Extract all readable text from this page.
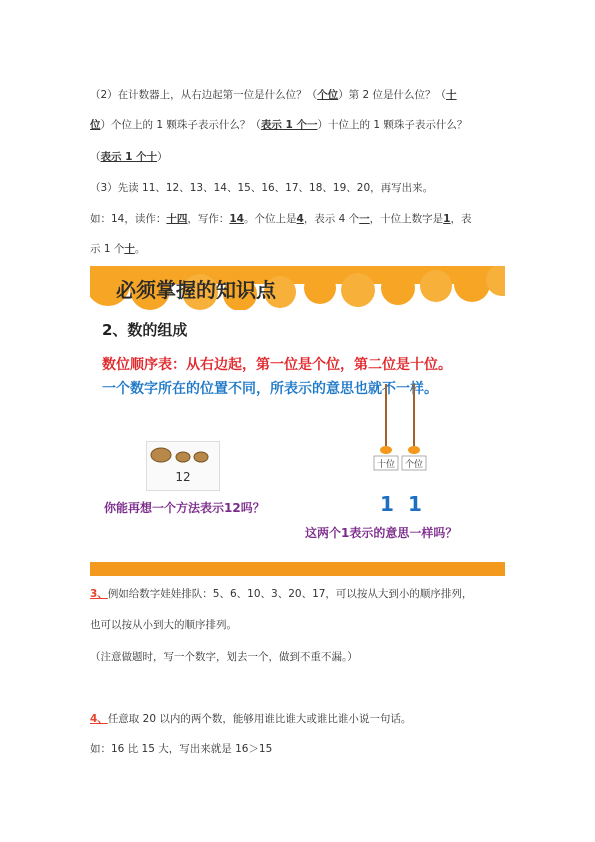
（2）在计数器上，从右边起第一位是什么位？（个位）第 2 位是什么位？（十
位）个位上的 1 颗珠子表示什么？（表示 1 个一）十位上的 1 颗珠子表示什么？
（表示 1 个十）
（3）先读 11、12、13、14、15、16、17、18、19、20，再写出来。
如：14，读作：十四，写作：14。个位上是4，表示 4 个一，十位上数字是1，表
示 1 个十。
必须掌握的知识点
2、数的组成
数位顺序表：从右边起，第一位是个位，第二位是十位。
一个数字所在的位置不同，所表示的意思也就不一样。
12
十位 个位
1 1
你能再想一个方法表示12吗？
这两个1表示的意思一样吗？
3、例如给数字娃娃排队：5、6、10、3、20、17，可以按从大到小的顺序排列，
也可以按从小到大的顺序排列。
（注意做题时，写一个数字，划去一个，做到不重不漏。）
4、任意取 20 以内的两个数，能够用谁比谁大或谁比谁小说一句话。
如：16 比 15 大，写出来就是 16＞15
